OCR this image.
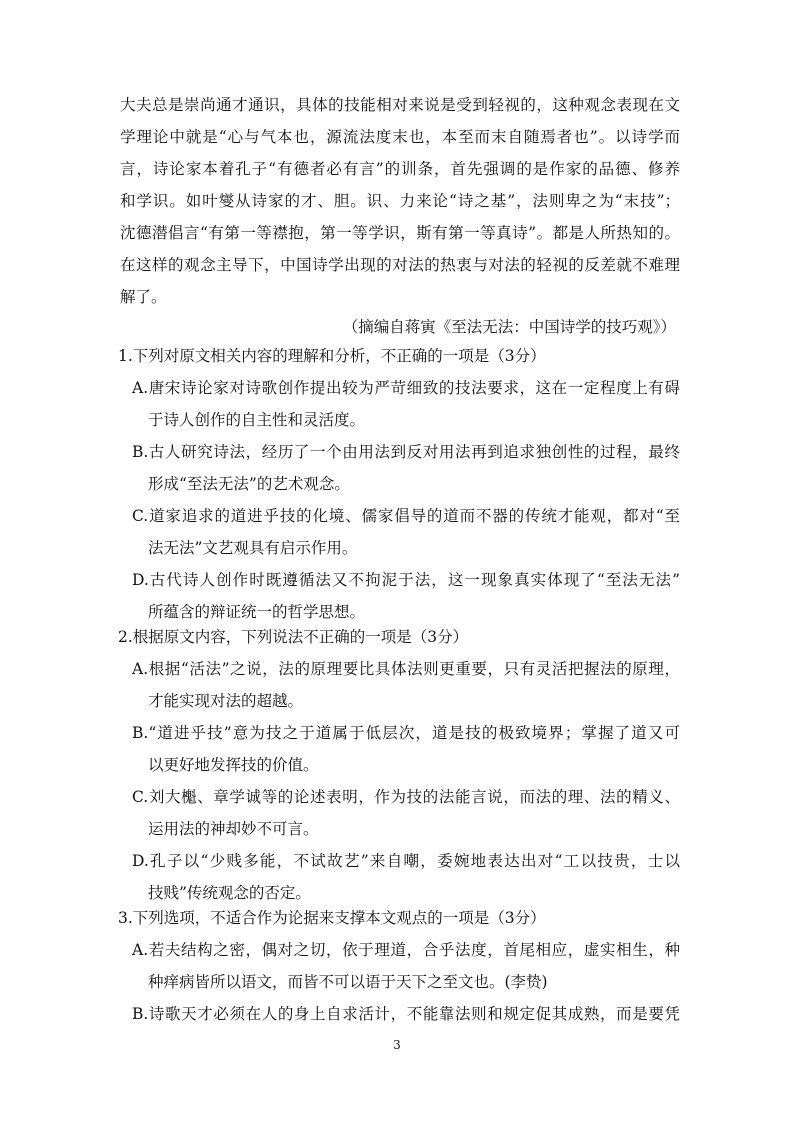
大夫总是崇尚通才通识，具体的技能相对来说是受到轻视的，这种观念表现在文
学理论中就是“心与气本也，源流法度末也，本至而末自随焉者也”。以诗学而
言，诗论家本着孔子“有德者必有言”的训条，首先强调的是作家的品德、修养
和学识。如叶燮从诗家的才、胆。识、力来论“诗之基”，法则卑之为“末技”；
沈德潜倡言“有第一等襟抱，第一等学识，斯有第一等真诗”。都是人所热知的。
在这样的观念主导下，中国诗学出现的对法的热衷与对法的轻视的反差就不难理
解了。
（摘编自蒋寅《至法无法：中国诗学的技巧观》）
1.下列对原文相关内容的理解和分析，不正确的一项是（3分）
A.唐宋诗论家对诗歌创作提出较为严苛细致的技法要求，这在一定程度上有碍
于诗人创作的自主性和灵活度。
B.古人研究诗法，经历了一个由用法到反对用法再到追求独创性的过程，最终
形成“至法无法”的艺术观念。
C.道家追求的道进乎技的化境、儒家倡导的道而不器的传统才能观，都对“至
法无法”文艺观具有启示作用。
D.古代诗人创作时既遵循法又不拘泥于法，这一现象真实体现了“至法无法”
所蕴含的辩证统一的哲学思想。
2.根据原文内容，下列说法不正确的一项是（3分）
A.根据“活法”之说，法的原理要比具体法则更重要，只有灵活把握法的原理，
才能实现对法的超越。
B.“道进乎技”意为技之于道属于低层次，道是技的极致境界；掌握了道又可
以更好地发挥技的价值。
C.刘大櫆、章学诚等的论述表明，作为技的法能言说，而法的理、法的精义、
运用法的神却妙不可言。
D.孔子以“少贱多能，不试故艺”来自嘲，委婉地表达出对“工以技贵，士以
技贱”传统观念的否定。
3.下列选项，不适合作为论据来支撑本文观点的一项是（3分）
A.若夫结构之密，偶对之切，依于理道，合乎法度，首尾相应，虚实相生，种
种痒病皆所以语文，而皆不可以语于天下之至文也。(李贽)
B.诗歌天才必须在人的身上自求活计，不能靠法则和规定促其成熟，而是要凭
3
